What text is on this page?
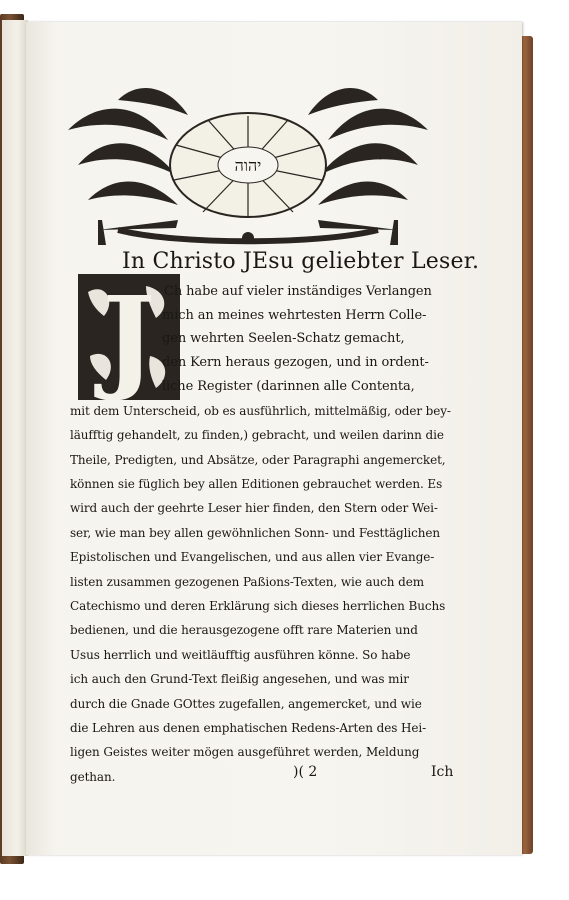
יהוה
In Christo JEsu geliebter Leser.
J Ch habe auf vieler inständiges Verlangen
mich an meines wehrtesten Herrn Colle-
gen wehrten Seelen-Schatz gemacht,
den Kern heraus gezogen, und in ordent-
liche Register (darinnen alle Contenta,
mit dem Unterscheid, ob es ausführlich, mittelmäßig, oder bey-
läufftig gehandelt, zu finden,) gebracht, und weilen darinn die
Theile, Predigten, und Absätze, oder Paragraphi angemercket,
können sie füglich bey allen Editionen gebrauchet werden. Es
wird auch der geehrte Leser hier finden, den Stern oder Wei-
ser, wie man bey allen gewöhnlichen Sonn- und Festtäglichen
Epistolischen und Evangelischen, und aus allen vier Evange-
listen zusammen gezogenen Paßions-Texten, wie auch dem
Catechismo und deren Erklärung sich dieses herrlichen Buchs
bedienen, und die herausgezogene offt rare Materien und
Usus herrlich und weitläufftig ausführen könne. So habe
ich auch den Grund-Text fleißig angesehen, und was mir
durch die Gnade GOttes zugefallen, angemercket, und wie
die Lehren aus denen emphatischen Redens-Arten des Hei-
ligen Geistes weiter mögen ausgeführet werden, Meldung
gethan.	)( 2	Ich
